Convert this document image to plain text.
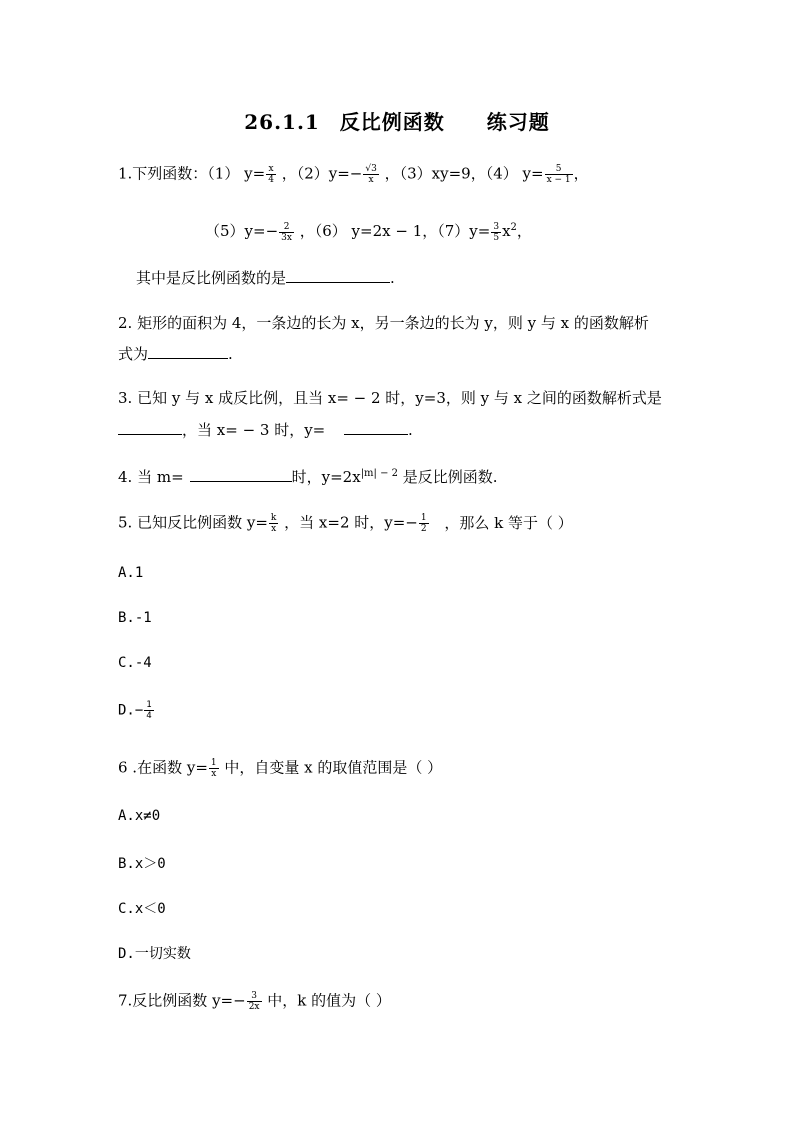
26.1.1 反比例函数 练习题
1.下列函数：（1） $y= \frac{x}{4}$ ，$(2)y=- \frac{√3}{x}$ ，（3）xy=9，（4） $y= \frac{5}{x - 1}$ ，
$(5)y=- \frac{2}{3x}$ ，（6） y=2x − 1，$(7)y= \frac{3}{5} x^2$，
其中是反比例函数的是	.
2. 矩形的面积为 4，一条边的长为 x，另一条边的长为 y，则 y 与 x 的函数解析
式为	.
3. 已知 y 与 x 成反比例，且当 x= − 2 时，y=3，则 y 与 x 之间的函数解析式是
，当 x= − 3 时，y=	.
4. 当 m=	时，$y=2x^{|m| - 2}$ 是反比例函数.
5. 已知反比例函数 $y= \frac{k}{x}$ ，当 x=2 时，$y=- \frac{1}{2}$ ，那么 k 等于（ ）
A.1
B.-1
C.-4
$D.- \frac{1}{4}$
6 .在函数 $y= \frac{1}{x}$ 中，自变量 x 的取值范围是（ ）
A.x≠0
B.x＞0
C.x＜0
D.一切实数
7.反比例函数 $y=- \frac{3}{2x}$ 中，k 的值为（ ）
